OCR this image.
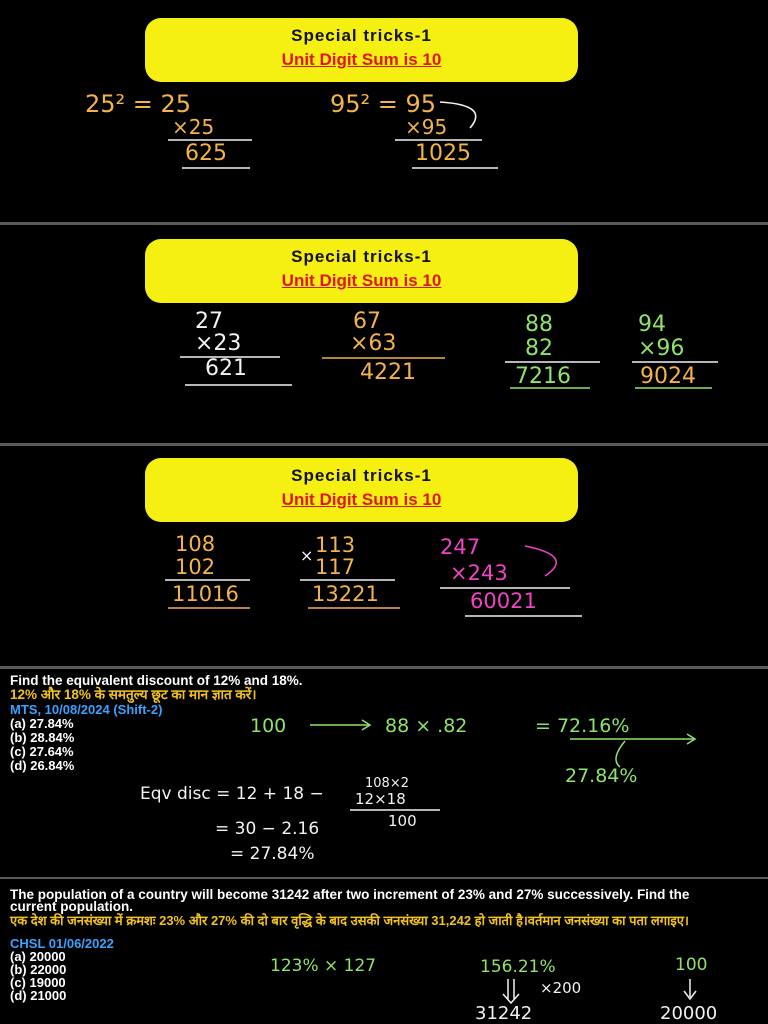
Special tricks-1
Unit Digit Sum is 10
25² = 25
×25
625
95² = 95
×95
1025
Special tricks-1
Unit Digit Sum is 10
27
×23
621
67
×63
4221
88
82
7216
94
×96
9024
Special tricks-1
Unit Digit Sum is 10
108
102
11016
113
117
13221
×	247
×243
60021
Find the equivalent discount of 12% and 18%.
12% और 18% के समतुल्य छूट का मान ज्ञात करें।
MTS, 10/08/2024 (Shift-2)
(a) 27.84%
(b) 28.84%
(c) 27.64%
(d) 26.84%
100	88 × .82	= 72.16%
27.84%
Eqv disc = 12 + 18 −
108×2
12×18
100
= 30 − 2.16
= 27.84%
The population of a country will become 31242 after two increment of 23% and 27% successively. Find the current population.
एक देश की जनसंख्या में क्रमशः 23% और 27% की दो बार वृद्धि के बाद उसकी जनसंख्या 31,242 हो जाती है।वर्तमान जनसंख्या का पता लगाइए।
CHSL 01/06/2022
(a) 20000
(b) 22000
(c) 19000
(d) 21000
123% × 127	156.21%	100
×200
31242	20000
